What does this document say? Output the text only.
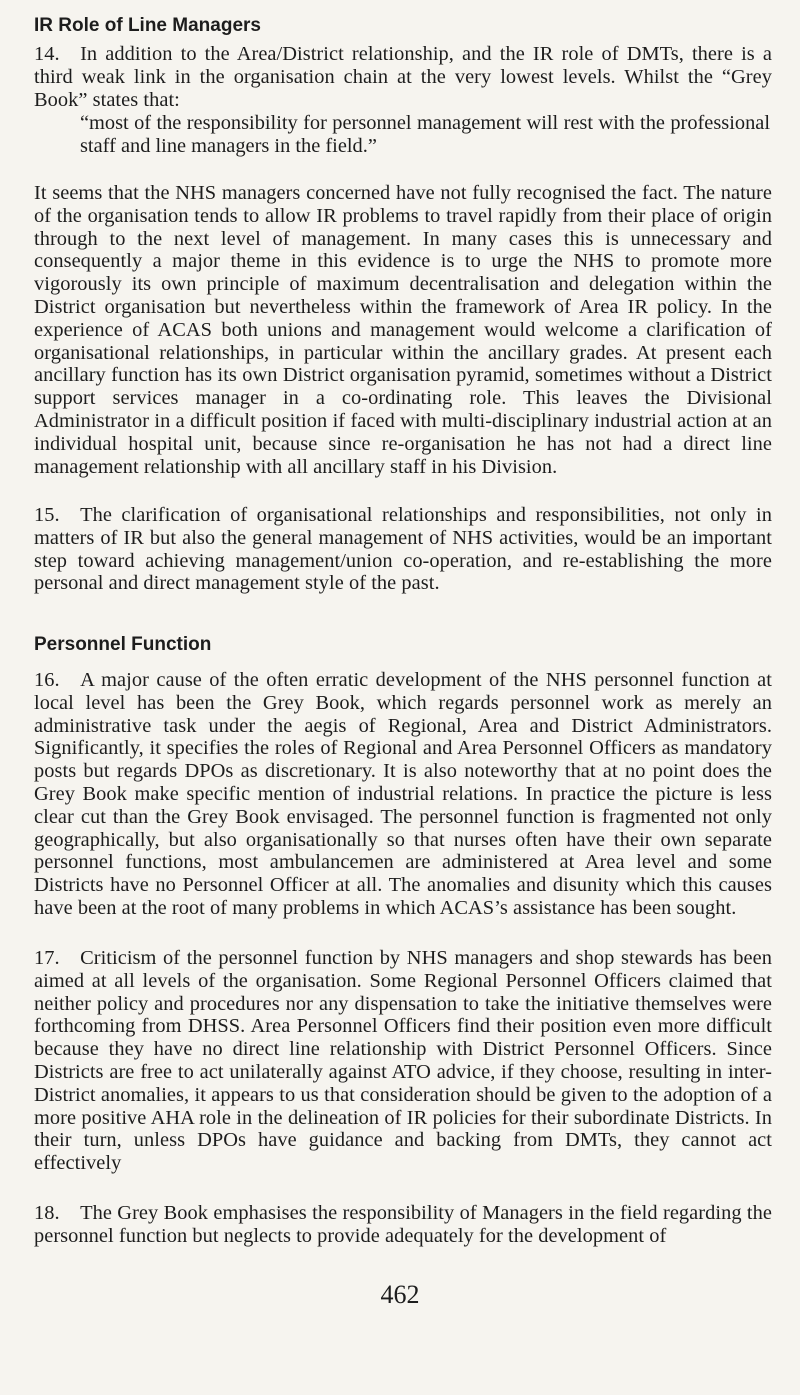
IR Role of Line Managers

14. In addition to the Area/District relationship, and the IR role of DMTs, there is a third weak link in the organisation chain at the very lowest levels. Whilst the “Grey Book” states that:

“most of the responsibility for personnel management will rest with the professional staff and line managers in the field.”

It seems that the NHS managers concerned have not fully recognised the fact. The nature of the organisation tends to allow IR problems to travel rapidly from their place of origin through to the next level of management. In many cases this is unnecessary and consequently a major theme in this evidence is to urge the NHS to promote more vigorously its own principle of maximum decentralisation and delegation within the District organisation but nevertheless within the framework of Area IR policy. In the experience of ACAS both unions and management would welcome a clarification of organisational relationships, in particular within the ancillary grades. At present each ancillary function has its own District organisation pyramid, sometimes without a District support services manager in a co-ordinating role. This leaves the Divisional Administrator in a difficult position if faced with multi-disciplinary industrial action at an individual hospital unit, because since re-organisation he has not had a direct line management relationship with all ancillary staff in his Division.

15. The clarification of organisational relationships and responsibilities, not only in matters of IR but also the general management of NHS activities, would be an important step toward achieving management/union co-operation, and re-establishing the more personal and direct management style of the past.

Personnel Function

16. A major cause of the often erratic development of the NHS personnel function at local level has been the Grey Book, which regards personnel work as merely an administrative task under the aegis of Regional, Area and District Administrators. Significantly, it specifies the roles of Regional and Area Personnel Officers as mandatory posts but regards DPOs as discretionary. It is also noteworthy that at no point does the Grey Book make specific mention of industrial relations. In practice the picture is less clear cut than the Grey Book envisaged. The personnel function is fragmented not only geographically, but also organisationally so that nurses often have their own separate personnel functions, most ambulancemen are administered at Area level and some Districts have no Personnel Officer at all. The anomalies and disunity which this causes have been at the root of many problems in which ACAS’s assistance has been sought.

17. Criticism of the personnel function by NHS managers and shop stewards has been aimed at all levels of the organisation. Some Regional Personnel Officers claimed that neither policy and procedures nor any dispensation to take the initiative themselves were forthcoming from DHSS. Area Personnel Officers find their position even more difficult because they have no direct line relationship with District Personnel Officers. Since Districts are free to act unilaterally against ATO advice, if they choose, resulting in inter-District anomalies, it appears to us that consideration should be given to the adoption of a more positive AHA role in the delineation of IR policies for their subordinate Districts. In their turn, unless DPOs have guidance and backing from DMTs, they cannot act effectively

18. The Grey Book emphasises the responsibility of Managers in the field regarding the personnel function but neglects to provide adequately for the development of

462
